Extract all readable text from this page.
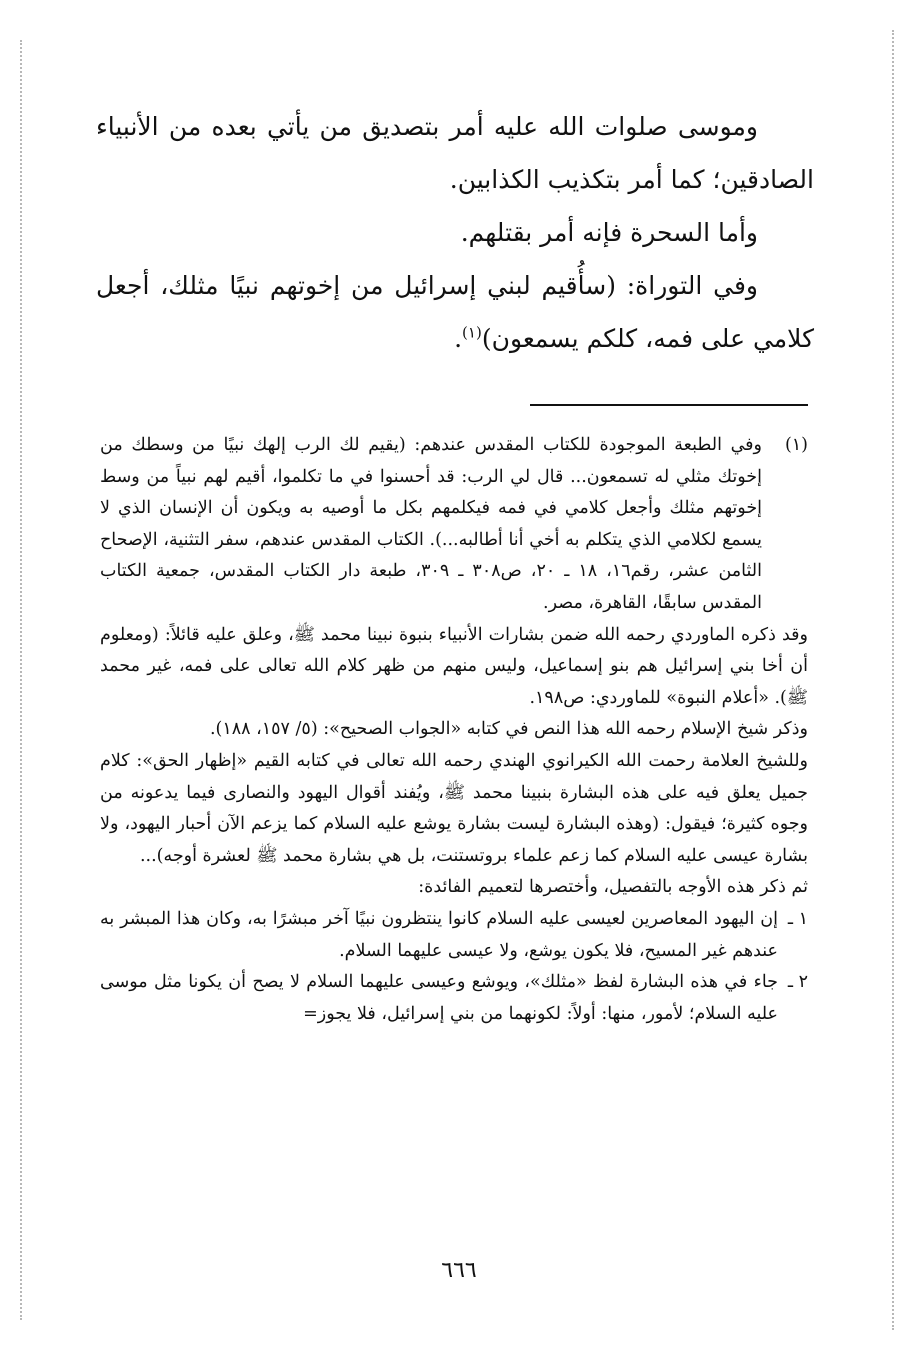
وموسى صلوات الله عليه أمر بتصديق من يأتي بعده من الأنبياء الصادقين؛ كما أمر بتكذيب الكذابين.

وأما السحرة فإنه أمر بقتلهم.

وفي التوراة: (سأُقيم لبني إسرائيل من إخوتهم نبيًا مثلك، أجعل كلامي على فمه، كلكم يسمعون)$^{(١)}$.

(١)
وفي الطبعة الموجودة للكتاب المقدس عندهم: (يقيم لك الرب إلهك نبيًا من وسطك من إخوتك مثلي له تسمعون... قال لي الرب: قد أحسنوا في ما تكلموا، أقيم لهم نبياً من وسط إخوتهم مثلك وأجعل كلامي في فمه فيكلمهم بكل ما أوصيه به ويكون أن الإنسان الذي لا يسمع لكلامي الذي يتكلم به أخي أنا أطالبه...). الكتاب المقدس عندهم، سفر التثنية، الإصحاح الثامن عشر، رقم١٦، ١٨ ـ ٢٠، ص٣٠٨ ـ ٣٠٩، طبعة دار الكتاب المقدس، جمعية الكتاب المقدس سابقًا، القاهرة، مصر.

وقد ذكره الماوردي رحمه الله ضمن بشارات الأنبياء بنبوة نبينا محمد ﷺ، وعلق عليه قائلاً: (ومعلوم أن أخا بني إسرائيل هم بنو إسماعيل، وليس منهم من ظهر كلام الله تعالى على فمه، غير محمد ﷺ). «أعلام النبوة» للماوردي: ص١٩٨.

وذكر شيخ الإسلام رحمه الله هذا النص في كتابه «الجواب الصحيح»: (٥/ ١٥٧، ١٨٨).

وللشيخ العلامة رحمت الله الكيرانوي الهندي رحمه الله تعالى في كتابه القيم «إظهار الحق»: كلام جميل يعلق فيه على هذه البشارة بنبينا محمد ﷺ، ويُفند أقوال اليهود والنصارى فيما يدعونه من وجوه كثيرة؛ فيقول: (وهذه البشارة ليست بشارة يوشع عليه السلام كما يزعم الآن أحبار اليهود، ولا بشارة عيسى عليه السلام كما زعم علماء بروتستنت، بل هي بشارة محمد ﷺ لعشرة أوجه)...

ثم ذكر هذه الأوجه بالتفصيل، وأختصرها لتعميم الفائدة:

١ ـ
إن اليهود المعاصرين لعيسى عليه السلام كانوا ينتظرون نبيًا آخر مبشرًا به، وكان هذا المبشر به عندهم غير المسيح، فلا يكون يوشع، ولا عيسى عليهما السلام.

٢ ـ
جاء في هذه البشارة لفظ «مثلك»، ويوشع وعيسى عليهما السلام لا يصح أن يكونا مثل موسى عليه السلام؛ لأمور، منها: أولاً: لكونهما من بني إسرائيل، فلا يجوز=

٦٦٦
